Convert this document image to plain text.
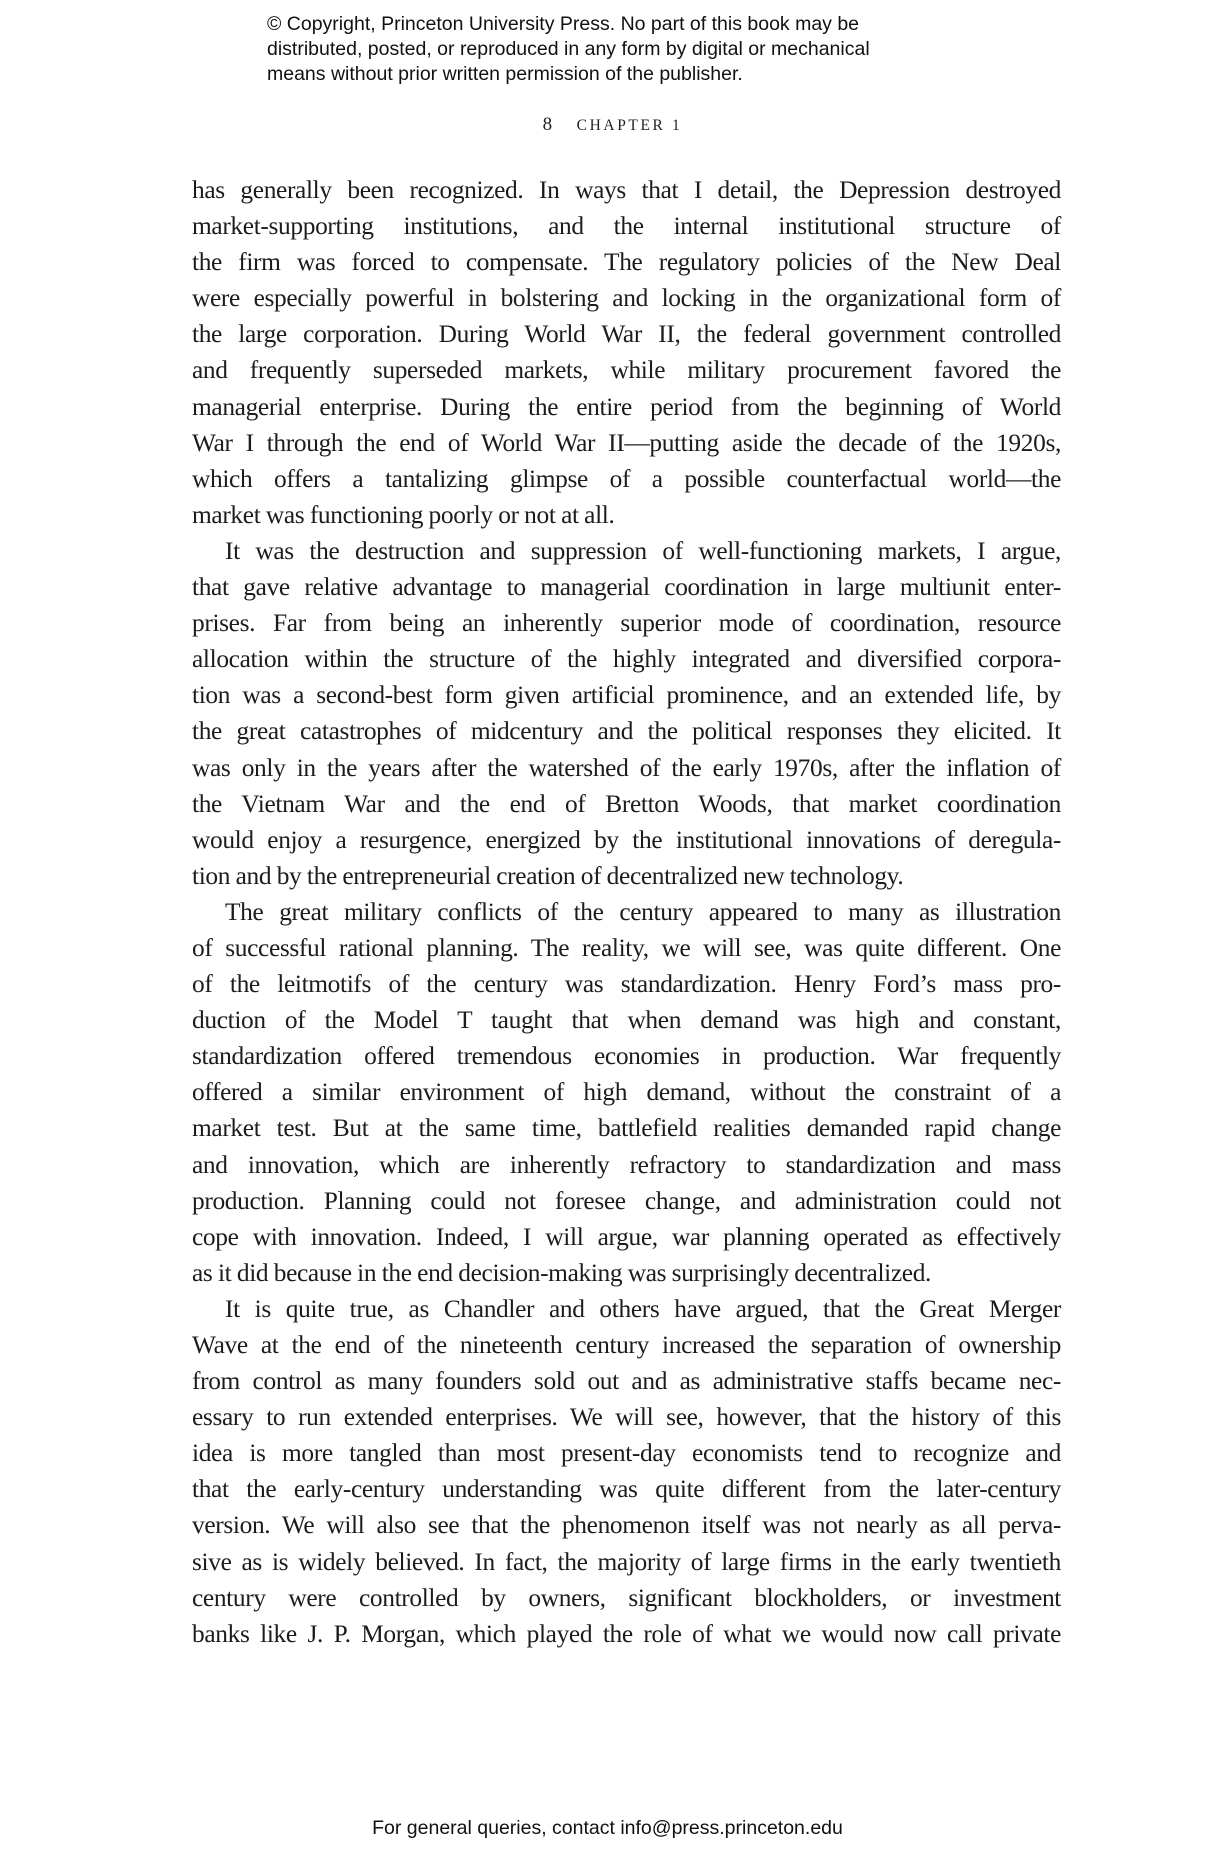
© Copyright, Princeton University Press. No part of this book may be
distributed, posted, or reproduced in any form by digital or mechanical
means without prior written permission of the publisher.
8 CHAPTER 1
has generally been recognized. In ways that I detail, the Depression destroyed
market-supporting institutions, and the internal institutional structure of
the firm was forced to compensate. The regulatory policies of the New Deal
were especially powerful in bolstering and locking in the organizational form of
the large corporation. During World War II, the federal government controlled
and frequently superseded markets, while military procurement favored the
managerial enterprise. During the entire period from the beginning of World
War I through the end of World War II—putting aside the decade of the 1920s,
which offers a tantalizing glimpse of a possible counterfactual world—the
market was functioning poorly or not at all.
It was the destruction and suppression of well-functioning markets, I argue,
that gave relative advantage to managerial coordination in large multiunit enter-
prises. Far from being an inherently superior mode of coordination, resource
allocation within the structure of the highly integrated and diversified corpora-
tion was a second-best form given artificial prominence, and an extended life, by
the great catastrophes of midcentury and the political responses they elicited. It
was only in the years after the watershed of the early 1970s, after the inflation of
the Vietnam War and the end of Bretton Woods, that market coordination
would enjoy a resurgence, energized by the institutional innovations of deregula-
tion and by the entrepreneurial creation of decentralized new technology.
The great military conflicts of the century appeared to many as illustration
of successful rational planning. The reality, we will see, was quite different. One
of the leitmotifs of the century was standardization. Henry Ford’s mass pro-
duction of the Model T taught that when demand was high and constant,
standardization offered tremendous economies in production. War frequently
offered a similar environment of high demand, without the constraint of a
market test. But at the same time, battlefield realities demanded rapid change
and innovation, which are inherently refractory to standardization and mass
production. Planning could not foresee change, and administration could not
cope with innovation. Indeed, I will argue, war planning operated as effectively
as it did because in the end decision-making was surprisingly decentralized.
It is quite true, as Chandler and others have argued, that the Great Merger
Wave at the end of the nineteenth century increased the separation of ownership
from control as many founders sold out and as administrative staffs became nec-
essary to run extended enterprises. We will see, however, that the history of this
idea is more tangled than most present-day economists tend to recognize and
that the early-century understanding was quite different from the later-century
version. We will also see that the phenomenon itself was not nearly as all perva-
sive as is widely believed. In fact, the majority of large firms in the early twentieth
century were controlled by owners, significant blockholders, or investment
banks like J. P. Morgan, which played the role of what we would now call private
For general queries, contact info@press.princeton.edu
